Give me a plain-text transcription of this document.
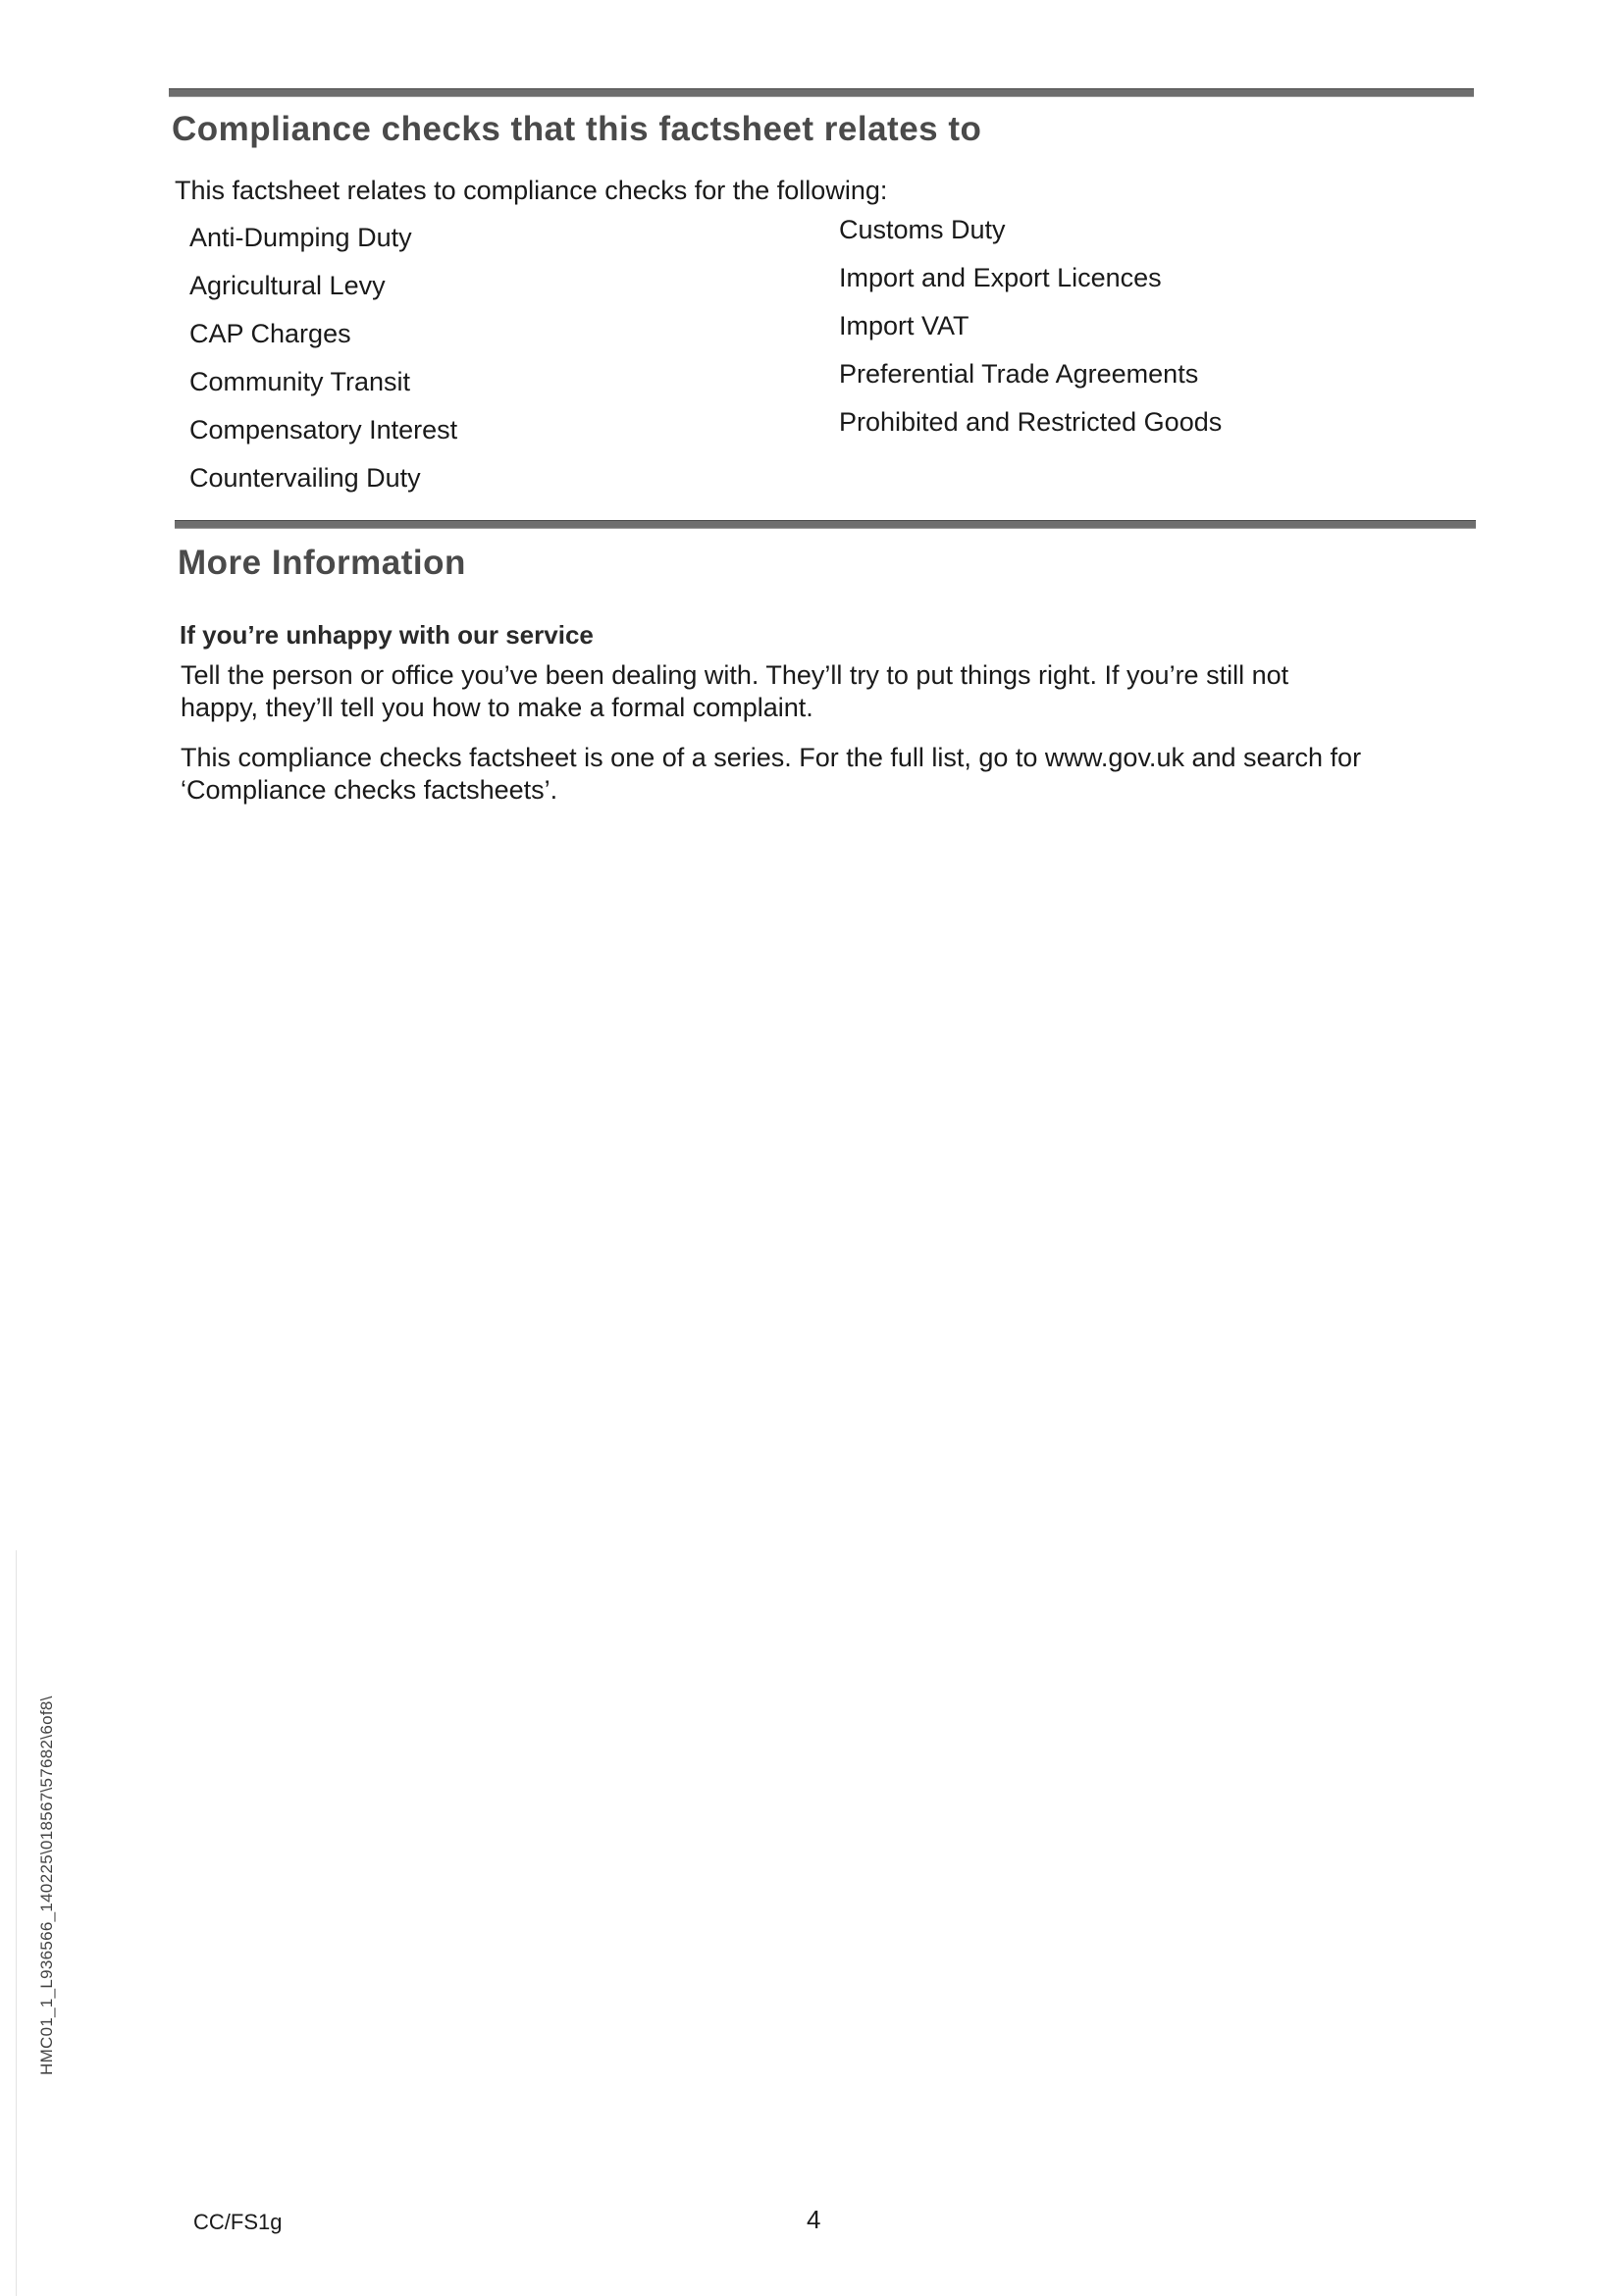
Compliance checks that this factsheet relates to

This factsheet relates to compliance checks for the following:

Anti-Dumping Duty
Agricultural Levy
CAP Charges
Community Transit
Compensatory Interest
Countervailing Duty
Customs Duty
Import and Export Licences
Import VAT
Preferential Trade Agreements
Prohibited and Restricted Goods
More Information
If you’re unhappy with our service

Tell the person or office you’ve been dealing with. They’ll try to put things right. If you’re still not happy, they’ll tell you how to make a formal complaint.

This compliance checks factsheet is one of a series. For the full list, go to www.gov.uk and search for ‘Compliance checks factsheets’.

HMC01_1_L936566_140225\018567\57682\6of8\
CC/FS1g	4
